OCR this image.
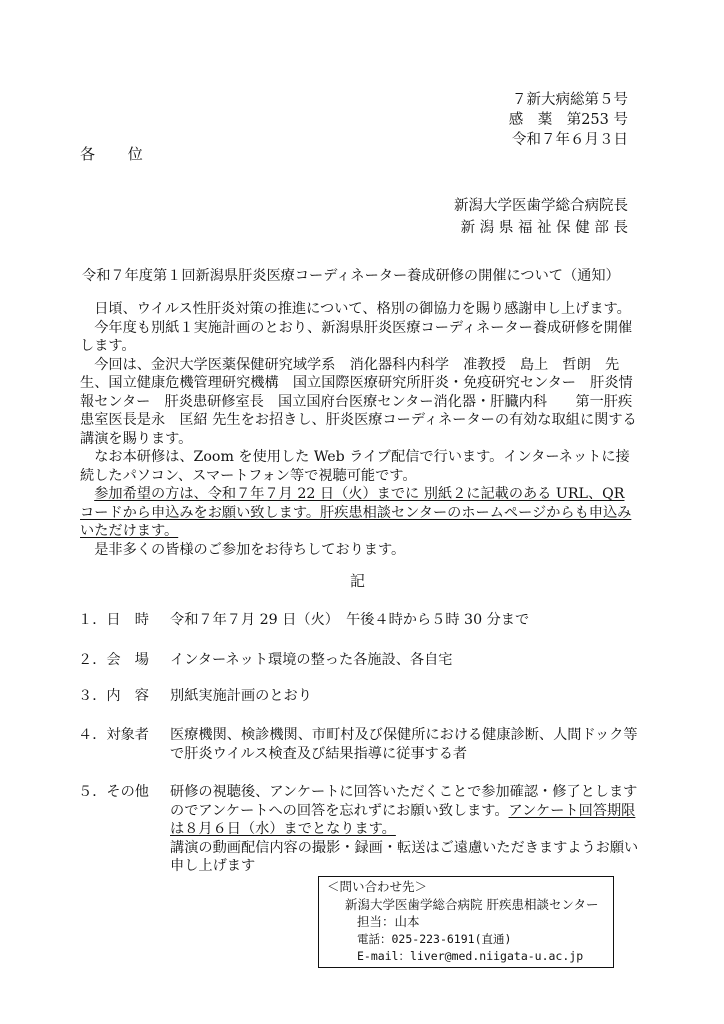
７新大病総第５号
感　薬　第253 号
令和７年６月３日
各 位
新潟大学医歯学総合病院長
新 潟 県 福 祉 保 健 部 長
令和７年度第１回新潟県肝炎医療コーディネーター養成研修の開催について（通知）

日頃、ウイルス性肝炎対策の推進について、格別の御協力を賜り感謝申し上げます。

今年度も別紙１実施計画のとおり、新潟県肝炎医療コーディネーター養成研修を開催します。

今回は、金沢大学医薬保健研究域学系　消化器科内科学　准教授　島上　哲朗　先生、国立健康危機管理研究機構　国立国際医療研究所肝炎・免疫研究センター　肝炎情報センター　肝炎患研修室長　国立国府台医療センター消化器・肝臓内科　　第一肝疾患室医長是永　匡紹 先生をお招きし、肝炎医療コーディネーターの有効な取組に関する講演を賜ります。

なお本研修は、Zoom を使用した Web ライブ配信で行います。インターネットに接続したパソコン、スマートフォン等で視聴可能です。

参加希望の方は、令和７年７月 22 日（火）までに 別紙２に記載のある URL、QR コードから申込みをお願い致します。肝疾患相談センターのホームページからも申込みいただけます。

是非多くの皆様のご参加をお待ちしております。

記
１．日　時 令和７年７月 29 日（火）　午後４時から５時 30 分まで
２．会　場 インターネット環境の整った各施設、各自宅
３．内　容 別紙実施計画のとおり
４．対象者 医療機関、検診機関、市町村及び保健所における健康診断、人間ドック等で肝炎ウイルス検査及び結果指導に従事する者
５．その他 研修の視聴後、アンケートに回答いただくことで参加確認・修了としますのでアンケートへの回答を忘れずにお願い致します。アンケート回答期限は８月６日（水）までとなります。

講演の動画配信内容の撮影・録画・転送はご遠慮いただきますようお願い申し上げます

＜問い合わせ先＞
新潟大学医歯学総合病院 肝疾患相談センター
担当：山本
電話：025-223-6191(直通)
E-mail：liver@med.niigata-u.ac.jp
